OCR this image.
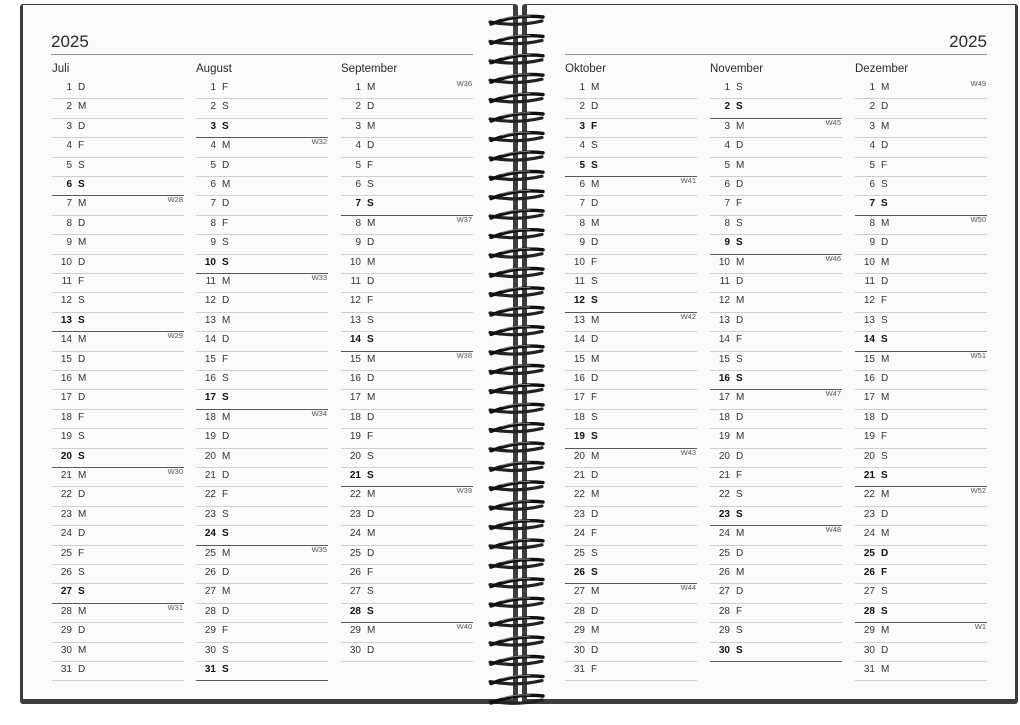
2025
Juli
1 D
2 M
3 D
4 F
5 S
6 S
7 M	W28
8 D
9 M
10 D
11 F
12 S
13 S
14 M	W29
15 D
16 M
17 D
18 F
19 S
20 S
21 M	W30
22 D
23 M
24 D
25 F
26 S
27 S
28 M	W31
29 D
30 M
31 D
August
1 F
2 S
3 S
4 M	W32
5 D
6 M
7 D
8 F
9 S
10 S
11 M	W33
12 D
13 M
14 D
15 F
16 S
17 S
18 M	W34
19 D
20 M
21 D
22 F
23 S
24 S
25 M	W35
26 D
27 M
28 D
29 F
30 S
31 S
September
1 M	W36
2 D
3 M
4 D
5 F
6 S
7 S
8 M	W37
9 D
10 M
11 D
12 F
13 S
14 S
15 M	W38
16 D
17 M
18 D
19 F
20 S
21 S
22 M	W39
23 D
24 M
25 D
26 F
27 S
28 S
29 M	W40
30 D
2025
Oktober
1 M
2 D
3 F
4 S
5 S
6 M	W41
7 D
8 M
9 D
10 F
11 S
12 S
13 M	W42
14 D
15 M
16 D
17 F
18 S
19 S
20 M	W43
21 D
22 M
23 D
24 F
25 S
26 S
27 M	W44
28 D
29 M
30 D
31 F
November
1 S
2 S
3 M	W45
4 D
5 M
6 D
7 F
8 S
9 S
10 M	W46
11 D
12 M
13 D
14 F
15 S
16 S
17 M	W47
18 D
19 M
20 D
21 F
22 S
23 S
24 M	W48
25 D
26 M
27 D
28 F
29 S
30 S
Dezember
1 M	W49
2 D
3 M
4 D
5 F
6 S
7 S
8 M	W50
9 D
10 M
11 D
12 F
13 S
14 S
15 M	W51
16 D
17 M
18 D
19 F
20 S
21 S
22 M	W52
23 D
24 M
25 D
26 F
27 S
28 S
29 M	W1
30 D
31 M
